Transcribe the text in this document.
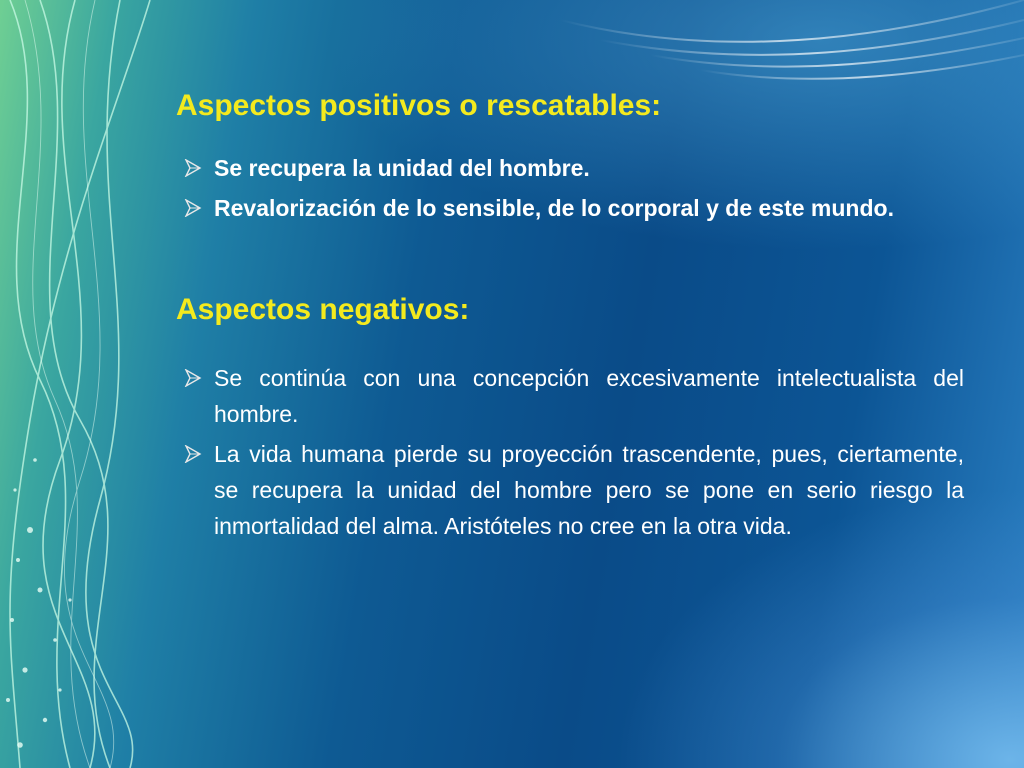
Aspectos positivos o rescatables:
Se recupera la unidad del hombre.
Revalorización de lo sensible, de lo corporal y de este mundo.
Aspectos negativos:
Se continúa con una concepción excesivamente intelectualista del hombre.
La vida humana pierde su proyección trascendente, pues, ciertamente, se recupera la unidad del hombre pero se pone en serio riesgo la inmortalidad del alma. Aristóteles no cree en la otra vida.
